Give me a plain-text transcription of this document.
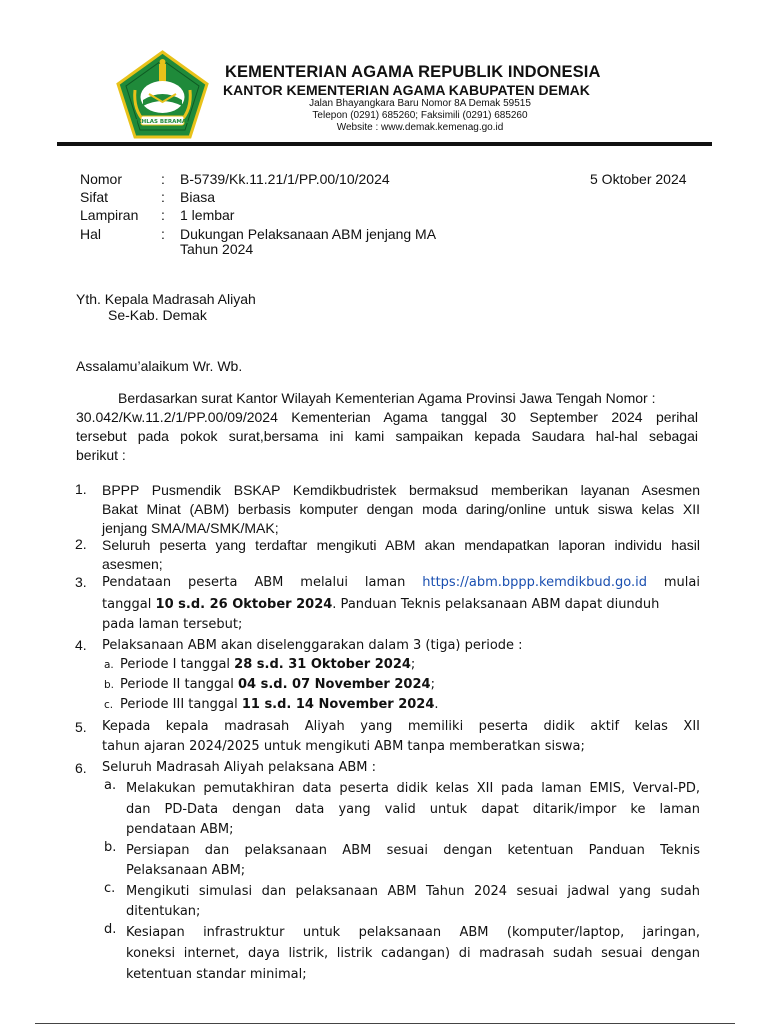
IKHLAS BERAMAL
KEMENTERIAN AGAMA REPUBLIK INDONESIA
KANTOR KEMENTERIAN AGAMA KABUPATEN DEMAK
Jalan Bhayangkara Baru Nomor 8A Demak 59515
Telepon (0291) 685260; Faksimili (0291) 685260
Website : www.demak.kemenag.go.id
Nomor	: B-5739/Kk.11.21/1/PP.00/10/2024
Sifat	: Biasa
Lampiran : 1 lembar
Hal	: Dukungan Pelaksanaan ABM jenjang MA
Tahun 2024
5 Oktober 2024
Yth. Kepala Madrasah Aliyah
Se-Kab. Demak
Assalamu’alaikum Wr. Wb.
Berdasarkan surat Kantor Wilayah Kementerian Agama Provinsi Jawa Tengah Nomor :
30.042/Kw.11.2/1/PP.00/09/2024 Kementerian Agama tanggal 30 September 2024 perihal
tersebut pada pokok surat,bersama ini kami sampaikan kepada Saudara hal-hal sebagai
berikut :
1. BPPP Pusmendik BSKAP Kemdikbudristek bermaksud memberikan layanan Asesmen
Bakat Minat (ABM) berbasis komputer dengan moda daring/online untuk siswa kelas XII
jenjang SMA/MA/SMK/MAK;
2. Seluruh peserta yang terdaftar mengikuti ABM akan mendapatkan laporan individu hasil
asesmen;
3. Pendataan peserta ABM melalui laman https://abm.bppp.kemdikbud.go.id mulai
tanggal 10 s.d. 26 Oktober 2024. Panduan Teknis pelaksanaan ABM dapat diunduh
pada laman tersebut;
4. Pelaksanaan ABM akan diselenggarakan dalam 3 (tiga) periode :
a. Periode I tanggal 28 s.d. 31 Oktober 2024;
b. Periode II tanggal 04 s.d. 07 November 2024;
c. Periode III tanggal 11 s.d. 14 November 2024.
5. Kepada kepala madrasah Aliyah yang memiliki peserta didik aktif kelas XII
tahun ajaran 2024/2025 untuk mengikuti ABM tanpa memberatkan siswa;
6. Seluruh Madrasah Aliyah pelaksana ABM :
a. Melakukan pemutakhiran data peserta didik kelas XII pada laman EMIS, Verval-PD,
dan PD-Data dengan data yang valid untuk dapat ditarik/impor ke laman
pendataan ABM;
b. Persiapan dan pelaksanaan ABM sesuai dengan ketentuan Panduan Teknis
Pelaksanaan ABM;
c. Mengikuti simulasi dan pelaksanaan ABM Tahun 2024 sesuai jadwal yang sudah
ditentukan;
d. Kesiapan infrastruktur untuk pelaksanaan ABM (komputer/laptop, jaringan,
koneksi internet, daya listrik, listrik cadangan) di madrasah sudah sesuai dengan
ketentuan standar minimal;
